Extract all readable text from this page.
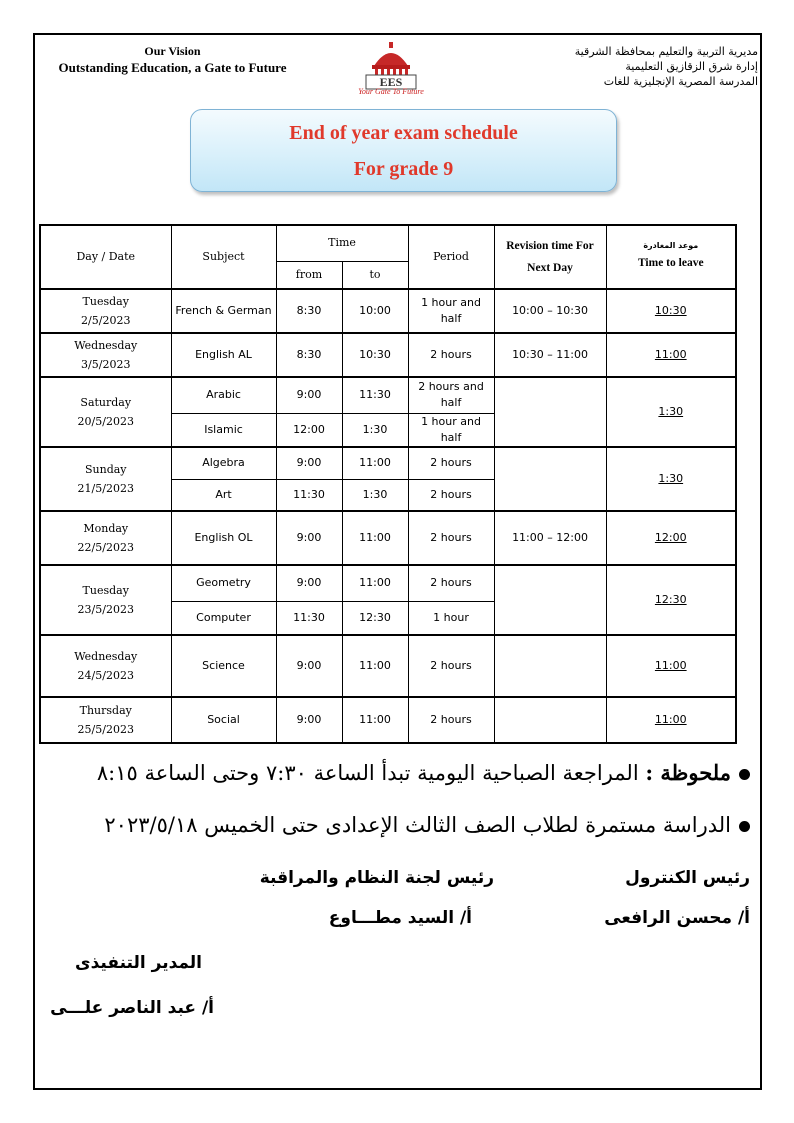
Our Vision
Outstanding Education, a Gate to Future
EES
Your Gate To Future
مديرية التربية والتعليم بمحافظة الشرقية
إدارة شرق الزقازيق التعليمية
المدرسة المصرية الإنجليزية للغات
End of year exam schedule
For grade 9
Day / Date	Subject	Time		Period	Revision time For Next Day	موعد المغادرة
Time to leave
		from	to			

Tuesday
2/5/2023	French & German	8:30	10:00	1 hour and half	10:00 – 10:30	10:30

Wednesday
3/5/2023	English AL	8:30	10:30	2 hours	10:30 – 11:00	11:00

Saturday
20/5/2023	Arabic	9:00	11:30	2 hours and half		1:30
	Islamic	12:00	1:30	1 hour and half		

Sunday
21/5/2023	Algebra	9:00	11:00	2 hours		1:30
	Art	11:30	1:30	2 hours		

Monday
22/5/2023	English OL	9:00	11:00	2 hours	11:00 – 12:00	12:00

Tuesday
23/5/2023	Geometry	9:00	11:00	2 hours		12:30
	Computer	11:30	12:30	1 hour		

Wednesday
24/5/2023	Science	9:00	11:00	2 hours		11:00

Thursday
25/5/2023	Social	9:00	11:00	2 hours		11:00
ملحوظة : المراجعة الصباحية اليومية تبدأ الساعة ٧:٣٠ وحتى الساعة ٨:١٥
الدراسة مستمرة لطلاب الصف الثالث الإعدادى حتى الخميس ٢٠٢٣/٥/١٨
رئيس الكنترول
أ/ محسن الرافعى
رئيس لجنة النظام والمراقبة
أ/ السيد مطـــاوع
المدير التنفيذى
أ/ عبد الناصر علـــى
